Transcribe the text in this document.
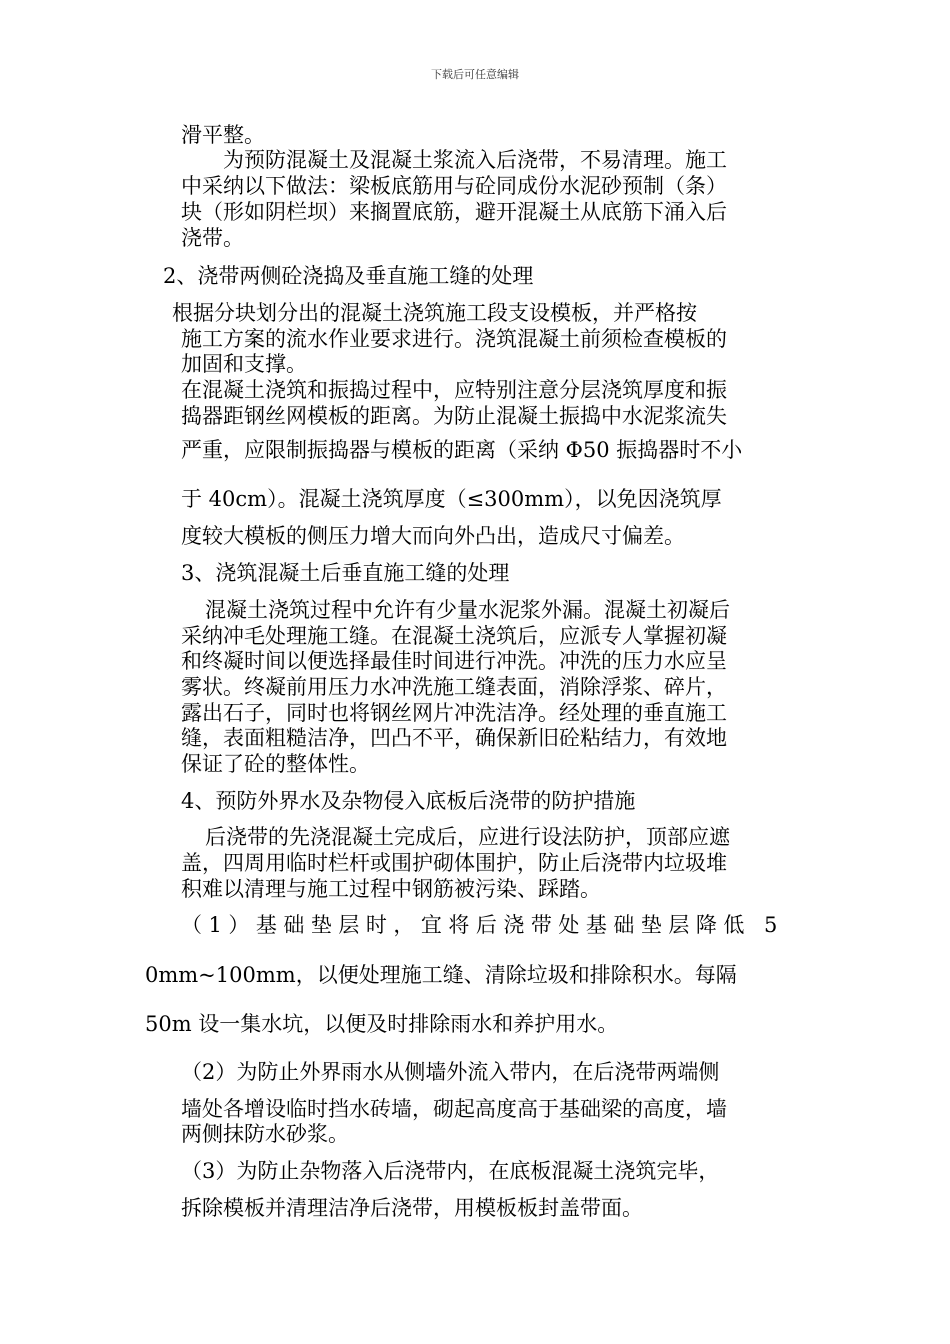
下载后可任意编辑
滑平整。
为预防混凝土及混凝土浆流入后浇带，不易清理。施工
中采纳以下做法：梁板底筋用与砼同成份水泥砂预制（条）
块（形如阴栏坝）来搁置底筋，避开混凝土从底筋下涌入后
浇带。
2、浇带两侧砼浇捣及垂直施工缝的处理
根据分块划分出的混凝土浇筑施工段支设模板，并严格按
施工方案的流水作业要求进行。浇筑混凝土前须检查模板的
加固和支撑。
在混凝土浇筑和振捣过程中，应特别注意分层浇筑厚度和振
捣器距钢丝网模板的距离。为防止混凝土振捣中水泥浆流失
严重，应限制振捣器与模板的距离（采纳 Φ50 振捣器时不小
于 40cm）。混凝土浇筑厚度（≤300mm），以免因浇筑厚
度较大模板的侧压力增大而向外凸出，造成尺寸偏差。
3、浇筑混凝土后垂直施工缝的处理
混凝土浇筑过程中允许有少量水泥浆外漏。混凝土初凝后
采纳冲毛处理施工缝。在混凝土浇筑后，应派专人掌握初凝
和终凝时间以便选择最佳时间进行冲洗。冲洗的压力水应呈
雾状。终凝前用压力水冲洗施工缝表面，消除浮浆、碎片，
露出石子，同时也将钢丝网片冲洗洁净。经处理的垂直施工
缝，表面粗糙洁净，凹凸不平，确保新旧砼粘结力，有效地
保证了砼的整体性。
4、预防外界水及杂物侵入底板后浇带的防护措施
后浇带的先浇混凝土完成后，应进行设法防护，顶部应遮
盖，四周用临时栏杆或围护砌体围护，防止后浇带内垃圾堆
积难以清理与施工过程中钢筋被污染、踩踏。
（1）基础垫层时，宜将后浇带处基础垫层降低 5
0mm~100mm，以便处理施工缝、清除垃圾和排除积水。每隔
50m 设一集水坑，以便及时排除雨水和养护用水。
（2）为防止外界雨水从侧墙外流入带内，在后浇带两端侧
墙处各增设临时挡水砖墙，砌起高度高于基础梁的高度，墙
两侧抹防水砂浆。
（3）为防止杂物落入后浇带内，在底板混凝土浇筑完毕，
拆除模板并清理洁净后浇带，用模板板封盖带面。
